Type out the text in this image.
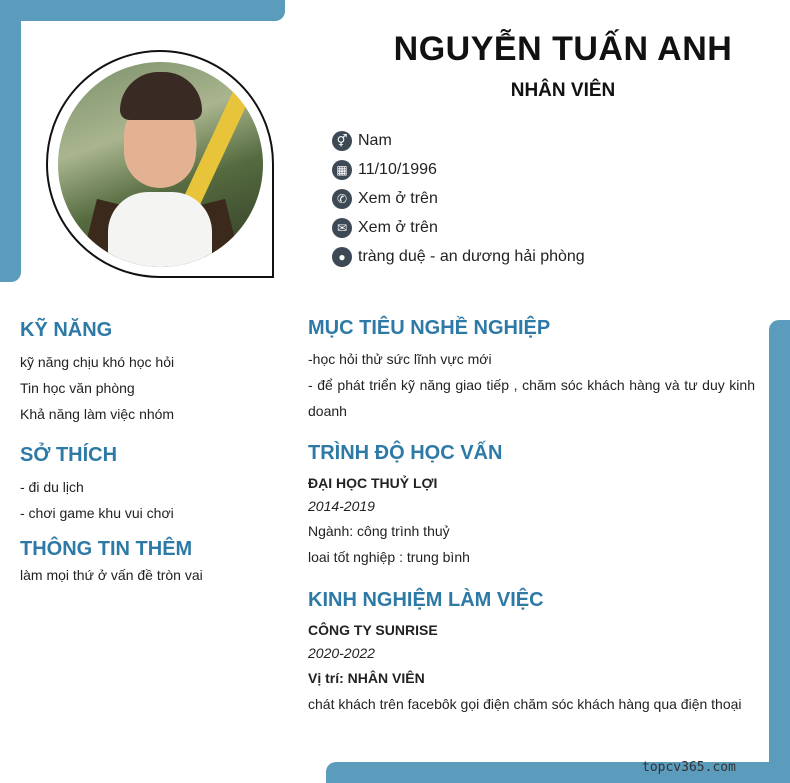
NGUYỄN TUẤN ANH
NHÂN VIÊN
⚥ Nam
▦ 11/10/1996
✆ Xem ở trên
✉ Xem ở trên
● tràng duệ - an dương hải phòng
KỸ NĂNG
kỹ năng chịu khó học hỏi
Tin học văn phòng
Khả năng làm việc nhóm
SỞ THÍCH
- đi du lịch
- chơi game khu vui chơi
THÔNG TIN THÊM
làm mọi thứ ở vấn đề tròn vai
MỤC TIÊU NGHỀ NGHIỆP
-học hỏi thử sức lĩnh vực mới
- để phát triển kỹ năng giao tiếp , chăm sóc khách hàng và tư duy kinh doanh
TRÌNH ĐỘ HỌC VẤN
ĐẠI HỌC THUỶ LỢI
2014-2019
Ngành: công trình thuỷ
loai tốt nghiệp : trung bình
KINH NGHIỆM LÀM VIỆC
CÔNG TY SUNRISE
2020-2022
Vị trí: NHÂN VIÊN
chát khách trên facebôk gọi điện chăm sóc khách hàng qua điện thoại
topcv365.com
